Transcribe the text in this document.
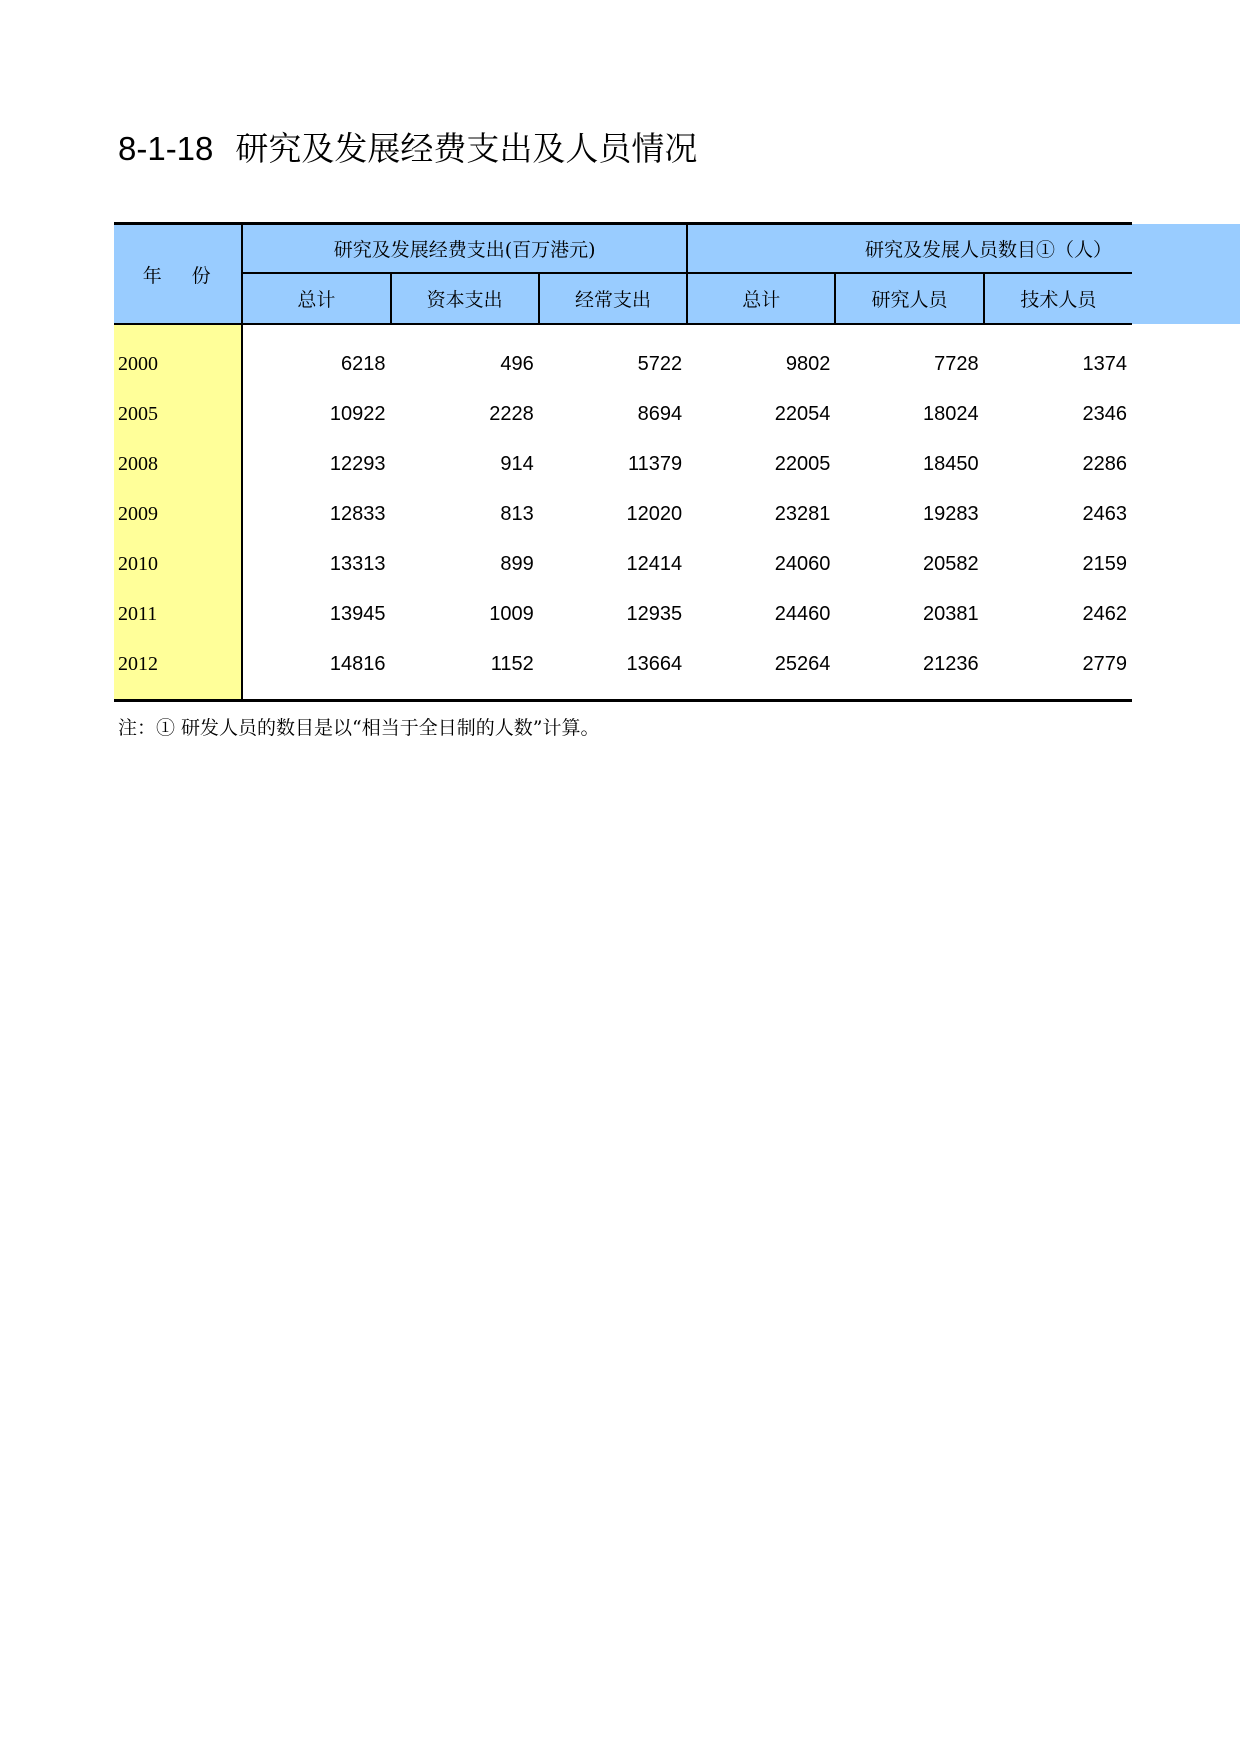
8-1-18 研究及发展经费支出及人员情况
年 份	研究及发展经费支出(百万港元)			研究及发展人员数目①（人）		
	总计	资本支出	经常支出	总计	研究人员	技术人员
2000	6218	496	5722	9802	7728	1374
2005	10922	2228	8694	22054	18024	2346
2008	12293	914	11379	22005	18450	2286
2009	12833	813	12020	23281	19283	2463
2010	13313	899	12414	24060	20582	2159
2011	13945	1009	12935	24460	20381	2462
2012	14816	1152	13664	25264	21236	2779
注：① 研发人员的数目是以“相当于全日制的人数”计算。
